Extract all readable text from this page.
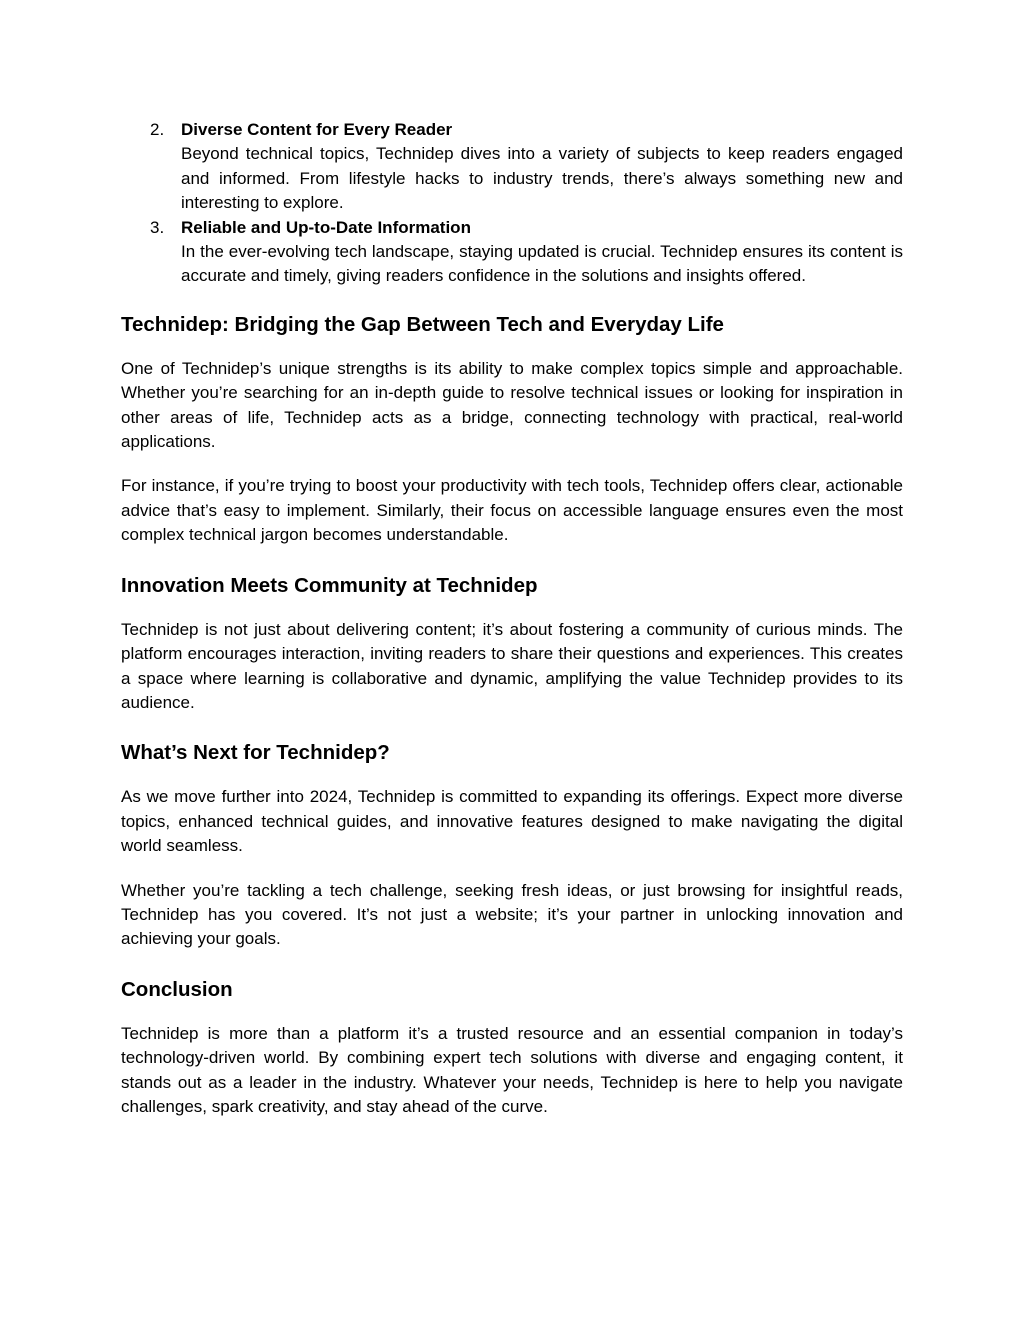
2. Diverse Content for Every Reader
Beyond technical topics, Technidep dives into a variety of subjects to keep readers engaged and informed. From lifestyle hacks to industry trends, there’s always something new and interesting to explore.
3. Reliable and Up-to-Date Information
In the ever-evolving tech landscape, staying updated is crucial. Technidep ensures its content is accurate and timely, giving readers confidence in the solutions and insights offered.
Technidep: Bridging the Gap Between Tech and Everyday Life

One of Technidep’s unique strengths is its ability to make complex topics simple and approachable. Whether you’re searching for an in-depth guide to resolve technical issues or looking for inspiration in other areas of life, Technidep acts as a bridge, connecting technology with practical, real-world applications.

For instance, if you’re trying to boost your productivity with tech tools, Technidep offers clear, actionable advice that’s easy to implement. Similarly, their focus on accessible language ensures even the most complex technical jargon becomes understandable.

Innovation Meets Community at Technidep

Technidep is not just about delivering content; it’s about fostering a community of curious minds. The platform encourages interaction, inviting readers to share their questions and experiences. This creates a space where learning is collaborative and dynamic, amplifying the value Technidep provides to its audience.

What’s Next for Technidep?

As we move further into 2024, Technidep is committed to expanding its offerings. Expect more diverse topics, enhanced technical guides, and innovative features designed to make navigating the digital world seamless.

Whether you’re tackling a tech challenge, seeking fresh ideas, or just browsing for insightful reads, Technidep has you covered. It’s not just a website; it’s your partner in unlocking innovation and achieving your goals.

Conclusion

Technidep is more than a platform it’s a trusted resource and an essential companion in today’s technology-driven world. By combining expert tech solutions with diverse and engaging content, it stands out as a leader in the industry. Whatever your needs, Technidep is here to help you navigate challenges, spark creativity, and stay ahead of the curve.
